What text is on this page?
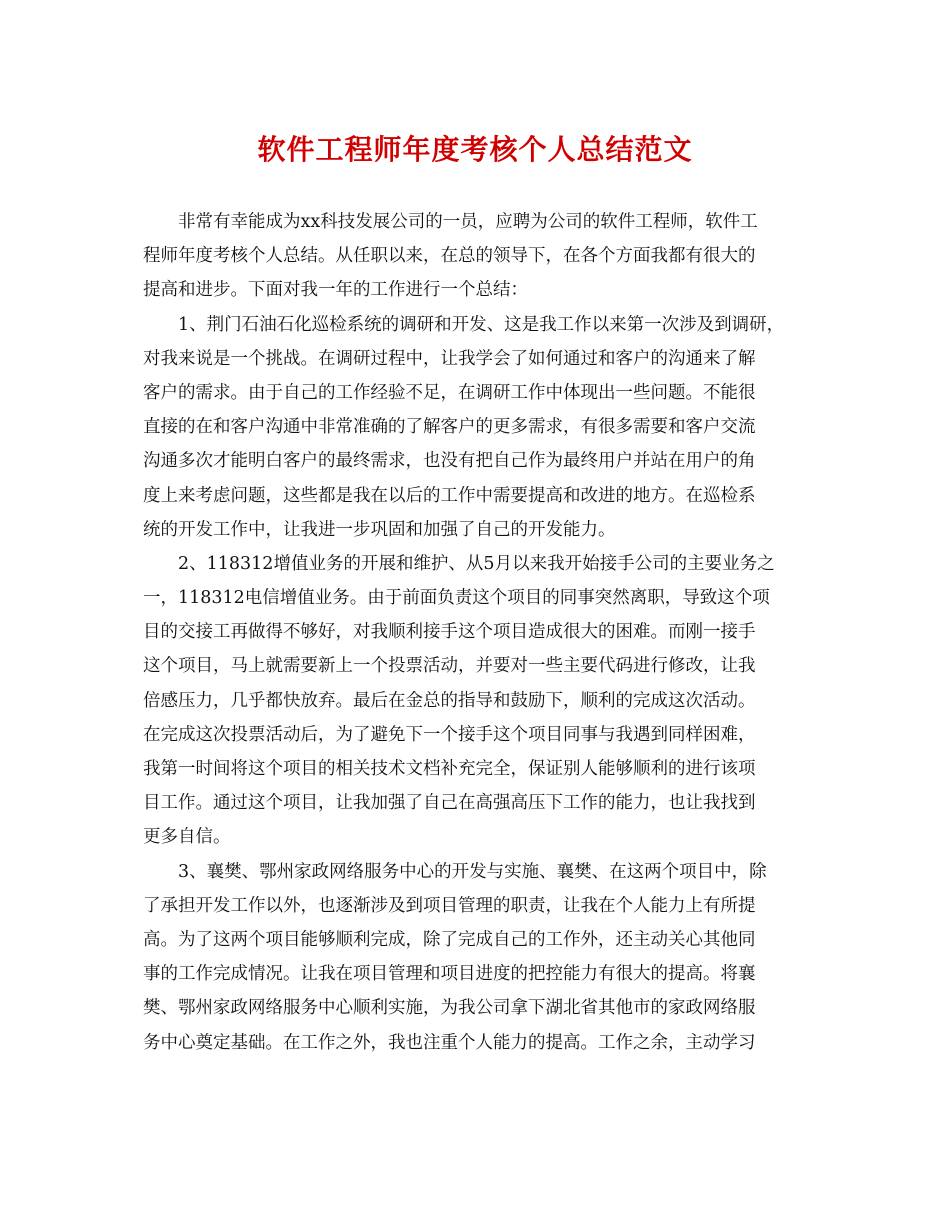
软件工程师年度考核个人总结范文
非常有幸能成为xx科技发展公司的一员，应聘为公司的软件工程师，软件工
程师年度考核个人总结。从任职以来，在总的领导下，在各个方面我都有很大的
提高和进步。下面对我一年的工作进行一个总结：
1、荆门石油石化巡检系统的调研和开发、这是我工作以来第一次涉及到调研，
对我来说是一个挑战。在调研过程中，让我学会了如何通过和客户的沟通来了解
客户的需求。由于自己的工作经验不足，在调研工作中体现出一些问题。不能很
直接的在和客户沟通中非常准确的了解客户的更多需求，有很多需要和客户交流
沟通多次才能明白客户的最终需求，也没有把自己作为最终用户并站在用户的角
度上来考虑问题，这些都是我在以后的工作中需要提高和改进的地方。在巡检系
统的开发工作中，让我进一步巩固和加强了自己的开发能力。
2、118312增值业务的开展和维护、从5月以来我开始接手公司的主要业务之
一，118312电信增值业务。由于前面负责这个项目的同事突然离职，导致这个项
目的交接工再做得不够好，对我顺利接手这个项目造成很大的困难。而刚一接手
这个项目，马上就需要新上一个投票活动，并要对一些主要代码进行修改，让我
倍感压力，几乎都快放弃。最后在金总的指导和鼓励下，顺利的完成这次活动。
在完成这次投票活动后，为了避免下一个接手这个项目同事与我遇到同样困难，
我第一时间将这个项目的相关技术文档补充完全，保证别人能够顺利的进行该项
目工作。通过这个项目，让我加强了自己在高强高压下工作的能力，也让我找到
更多自信。
3、襄樊、鄂州家政网络服务中心的开发与实施、襄樊、在这两个项目中，除
了承担开发工作以外，也逐渐涉及到项目管理的职责，让我在个人能力上有所提
高。为了这两个项目能够顺利完成，除了完成自己的工作外，还主动关心其他同
事的工作完成情况。让我在项目管理和项目进度的把控能力有很大的提高。将襄
樊、鄂州家政网络服务中心顺利实施，为我公司拿下湖北省其他市的家政网络服
务中心奠定基础。在工作之外，我也注重个人能力的提高。工作之余，主动学习
